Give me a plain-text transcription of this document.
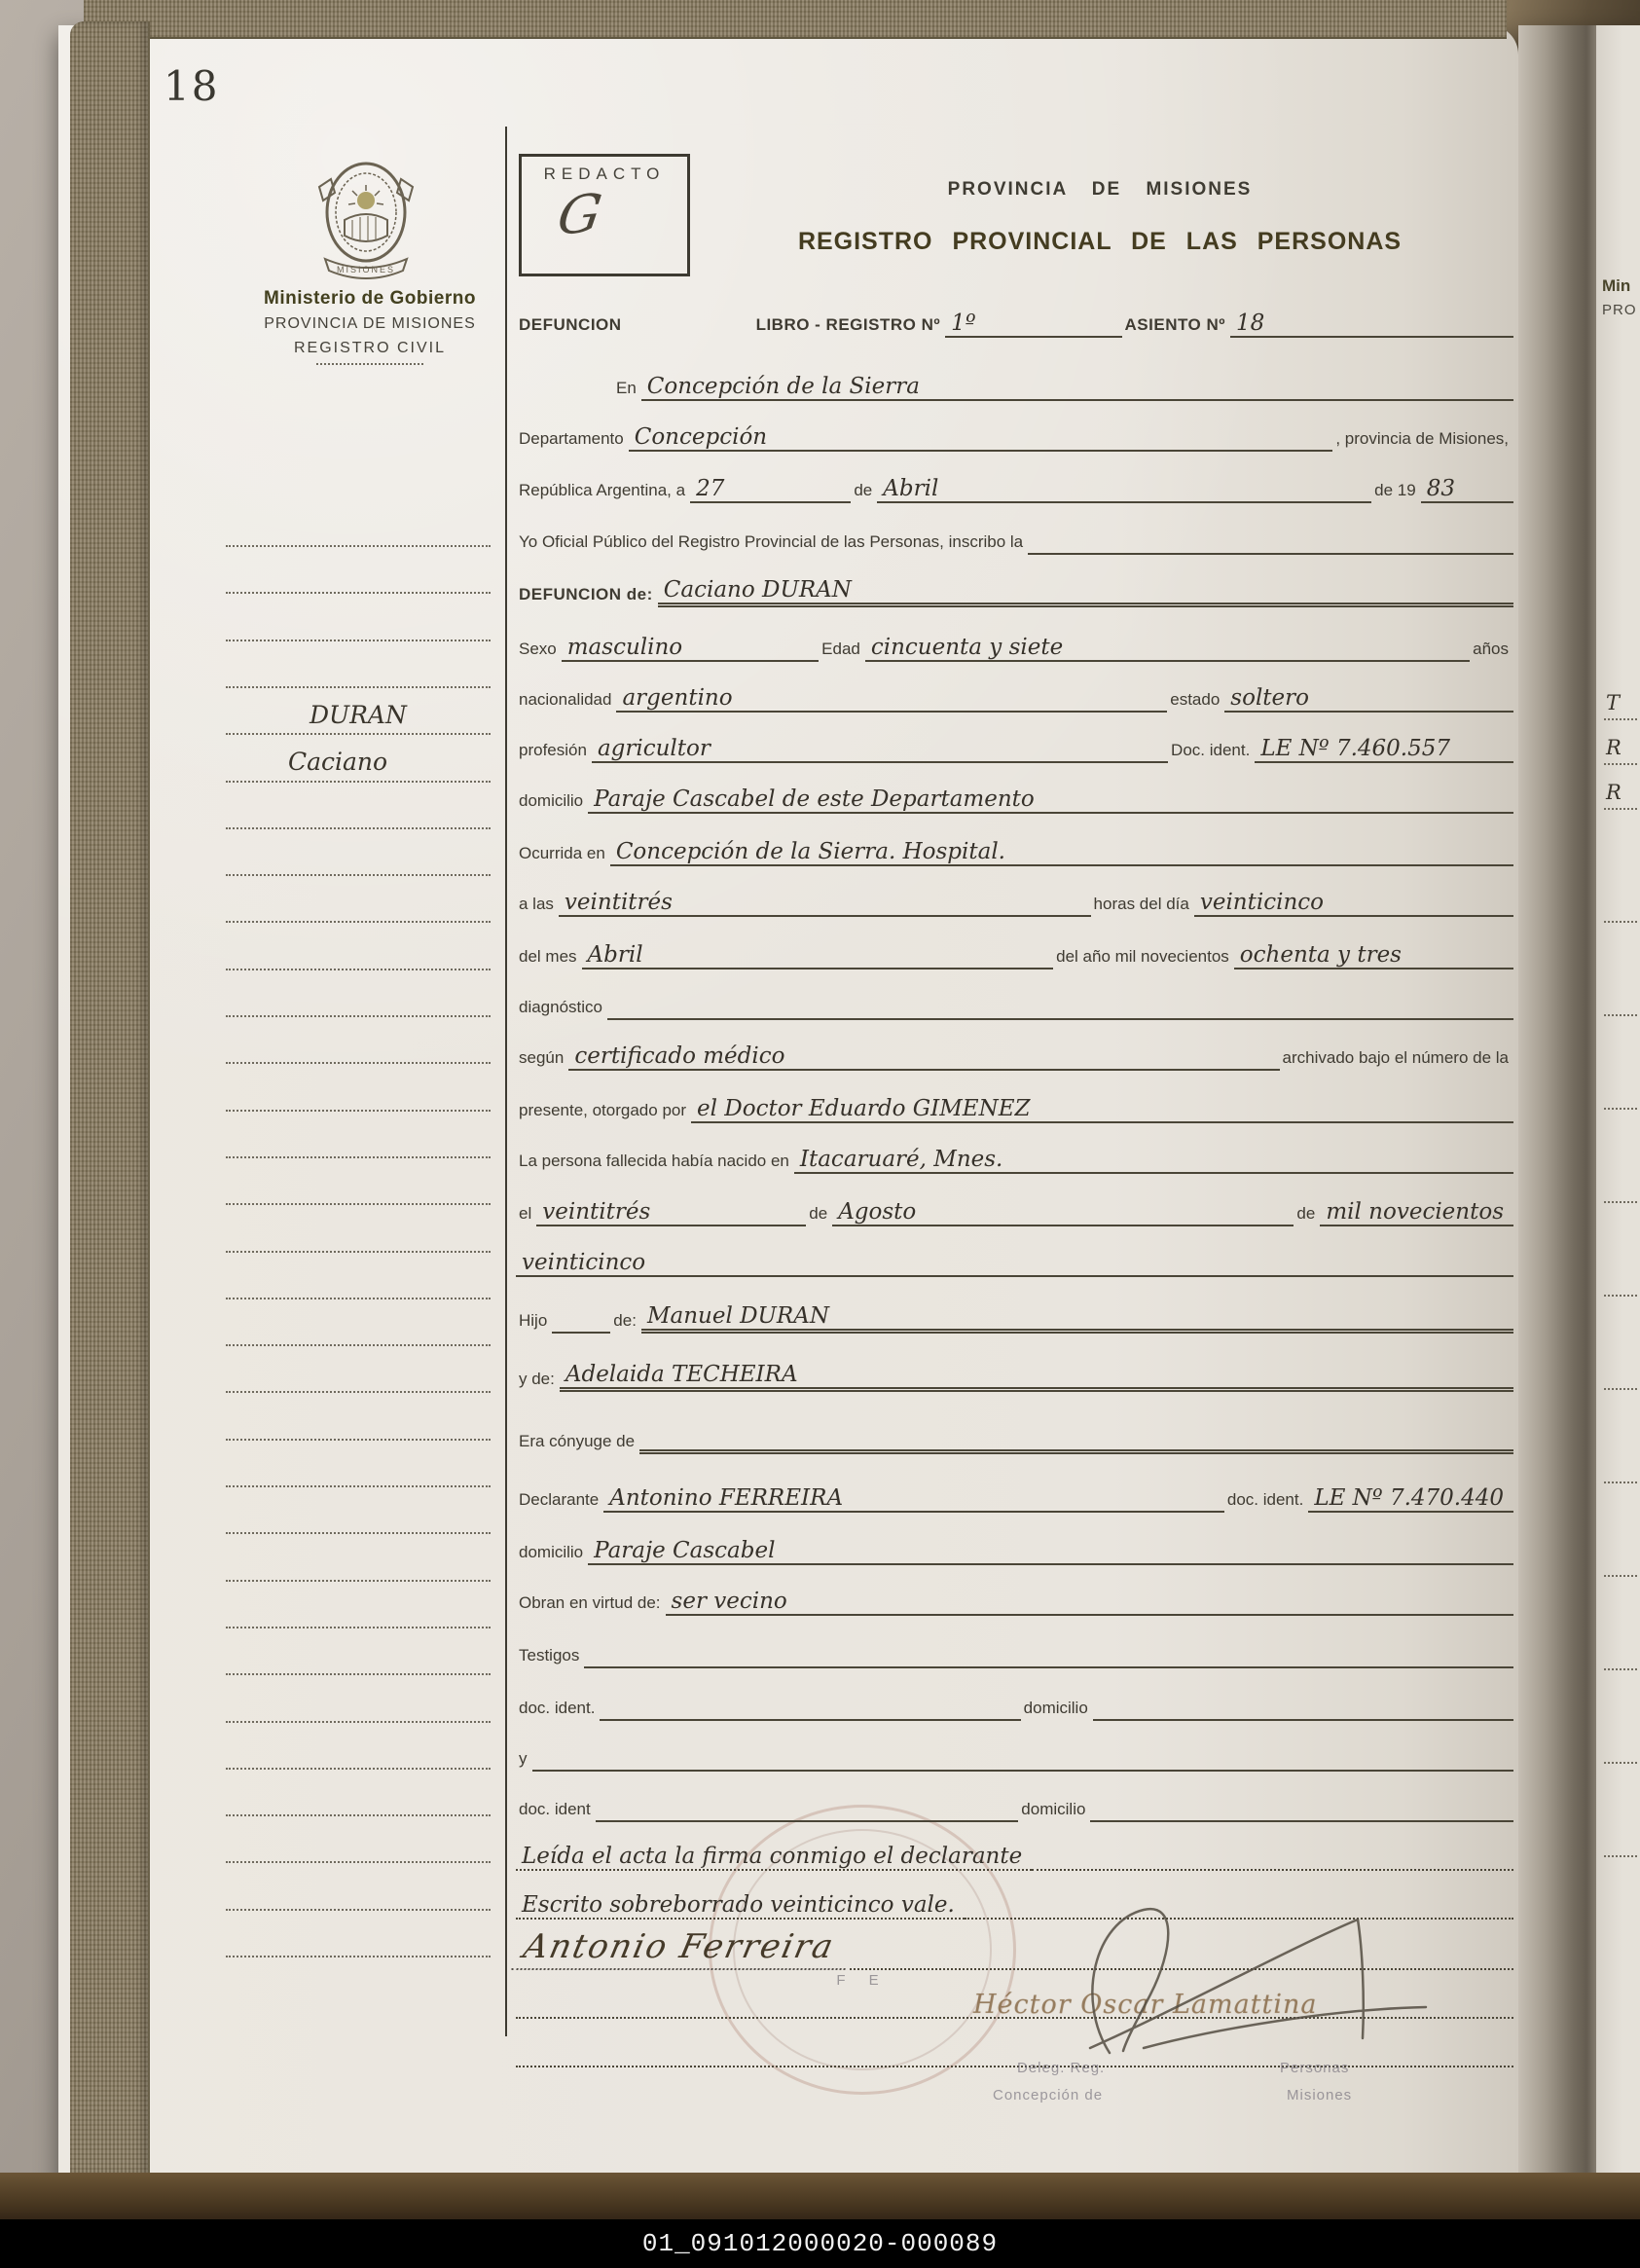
18
MISIONES
Ministerio de Gobierno
PROVINCIA DE MISIONES
REGISTRO CIVIL
DURAN
Caciano
REDACTO
G	PROVINCIA DE MISIONES
REGISTRO PROVINCIAL DE LAS PERSONAS
F E
DEFUNCION	LIBRO - REGISTRO Nº 1º	ASIENTO Nº 18
En Concepción de la Sierra
Departamento Concepción	, provincia de Misiones,
República Argentina, a 27	de Abril	de 19 83
Yo Oficial Público del Registro Provincial de las Personas, inscribo la
DEFUNCION de: Caciano DURAN
Sexo masculino	Edad cincuenta y siete	años
nacionalidad argentino	estado soltero
profesión agricultor	Doc. ident. LE Nº 7.460.557
domicilio Paraje Cascabel de este Departamento
Ocurrida en Concepción de la Sierra. Hospital.
a las veintitrés	horas del día veinticinco
del mes Abril	del año mil novecientos ochenta y tres
diagnóstico
según certificado médico	archivado bajo el número de la
presente, otorgado por el Doctor Eduardo GIMENEZ
La persona fallecida había nacido en Itacaruaré, Mnes.
el veintitrés	de Agosto	de mil novecientos
veinticinco
Hijo	de: Manuel DURAN
y de: Adelaida TECHEIRA
Era cónyuge de
Declarante Antonino FERREIRA	doc. ident. LE Nº 7.470.440
domicilio Paraje Cascabel
Obran en virtud de: ser vecino
Testigos
doc. ident.	domicilio
y
doc. ident	domicilio
Leída el acta la firma conmigo el declarante
Escrito sobreborrado veinticinco vale.
Antonio Ferreira
Héctor Oscar Lamattina
Deleg. Reg.	Personas
Concepción de	Misiones
Min
PRO
T
R
R
01_091012000020-000089
